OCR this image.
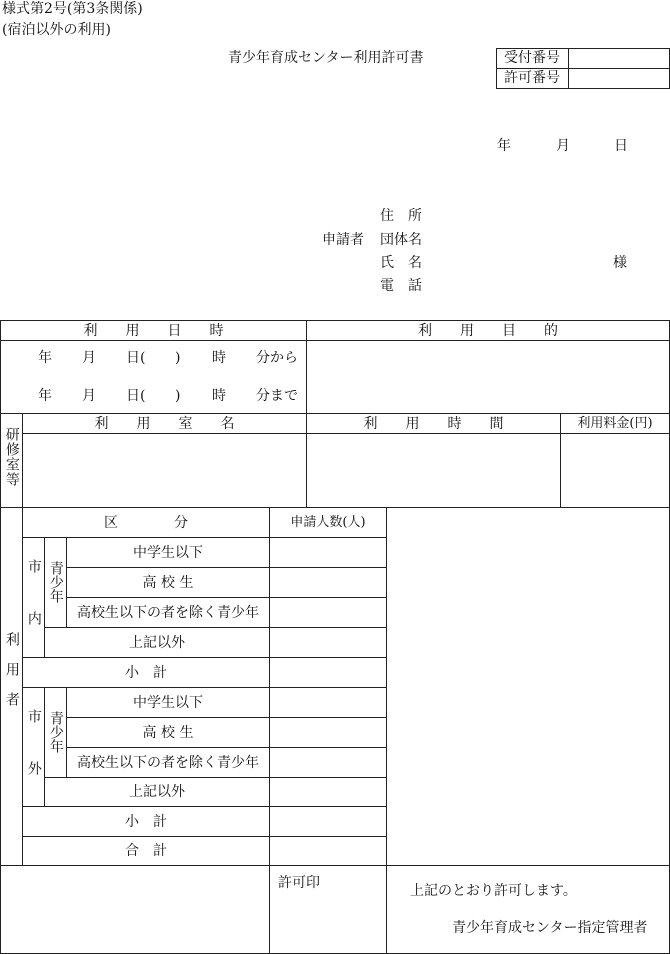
様式第2号(第3条関係)
(宿泊以外の利用)
青少年育成センター利用許可書	受付番号
許可番号
年	月	日
住　所
申請者 団体名
氏　名	様
電　話
利　　用　　日　　時	利　　用　　目　　的
年 月 日( ) 時 分から
年 月 日( ) 時 分まで
研修室等
利　　用　　室　　名	利　　用　　時　　間	利用料金(円)
利用者
区　　　　分	申請人数(人)
市内 青少年
中学生以下
高 校 生
高校生以下の者を除く青少年
上記以外
小　計
市外 青少年
中学生以下
高 校 生
高校生以下の者を除く青少年
上記以外
小　計
合　計
許可印	上記のとおり許可します。
青少年育成センター指定管理者
